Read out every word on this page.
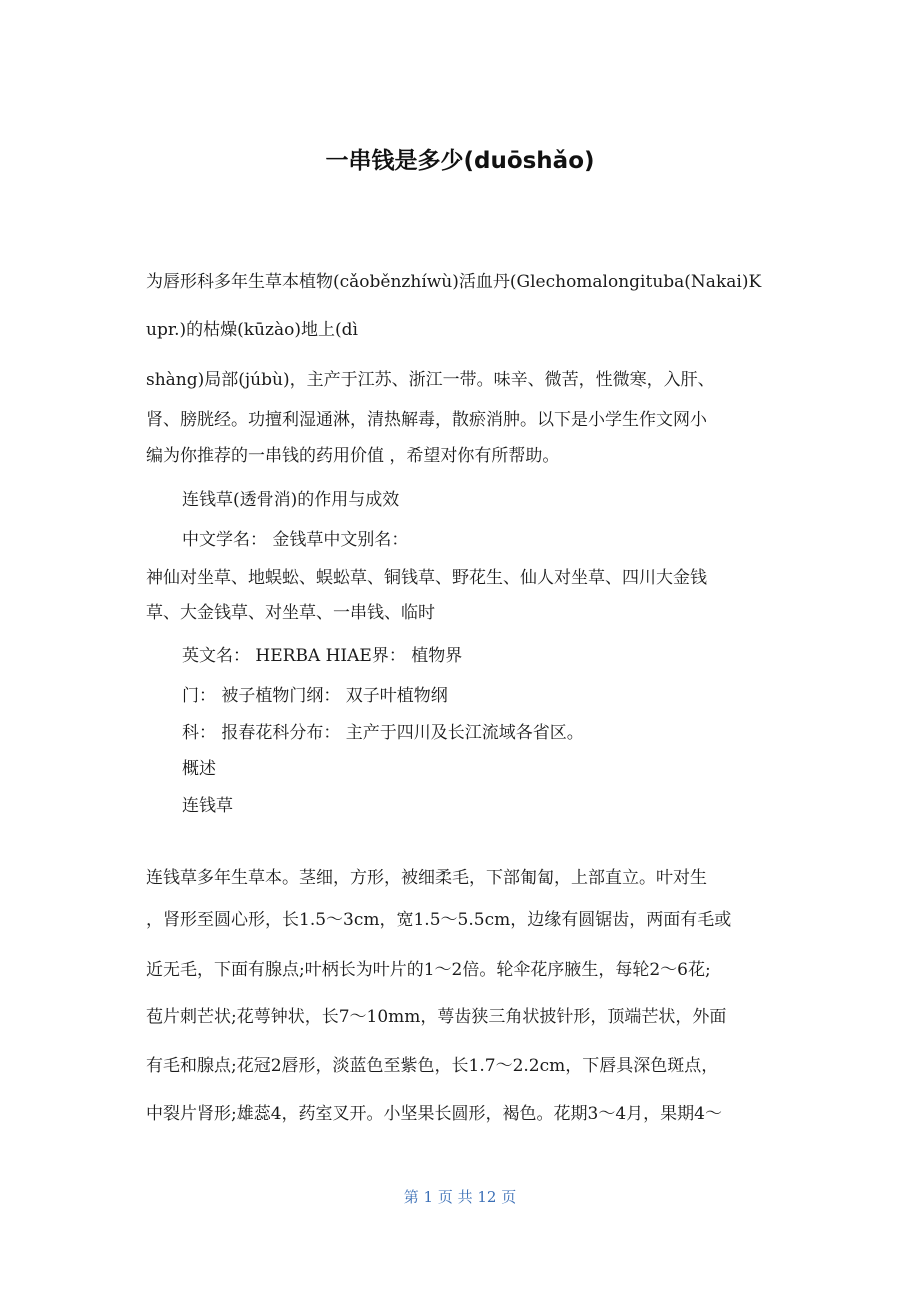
一串钱是多少(duōshǎo)
为唇形科多年生草本植物(cǎoběnzhíwù)活血丹(Glechomalongituba(Nakai)K
upr.)的枯燥(kūzào)地上(dì
shàng)局部(júbù)，主产于江苏、浙江一带。味辛、微苦，性微寒，入肝、
肾、膀胱经。功擅利湿通淋，清热解毒，散瘀消肿。以下是小学生作文网小
编为你推荐的一串钱的药用价值 ，希望对你有所帮助。
连钱草(透骨消)的作用与成效
中文学名： 金钱草中文别名：
神仙对坐草、地蜈蚣、蜈蚣草、铜钱草、野花生、仙人对坐草、四川大金钱
草、大金钱草、对坐草、一串钱、临时
英文名： HERBA HIAE界： 植物界
门： 被子植物门纲： 双子叶植物纲
科： 报春花科分布： 主产于四川及长江流域各省区。
概述
连钱草
连钱草多年生草本。茎细，方形，被细柔毛，下部匍匐，上部直立。叶对生
，肾形至圆心形，长1.5～3cm，宽1.5～5.5cm，边缘有圆锯齿，两面有毛或
近无毛，下面有腺点;叶柄长为叶片的1～2倍。轮伞花序腋生，每轮2～6花;
苞片刺芒状;花萼钟状，长7～10mm，萼齿狭三角状披针形，顶端芒状，外面
有毛和腺点;花冠2唇形，淡蓝色至紫色，长1.7～2.2cm，下唇具深色斑点，
中裂片肾形;雄蕊4，药室叉开。小坚果长圆形，褐色。花期3～4月，果期4～
第 1 页 共 12 页
